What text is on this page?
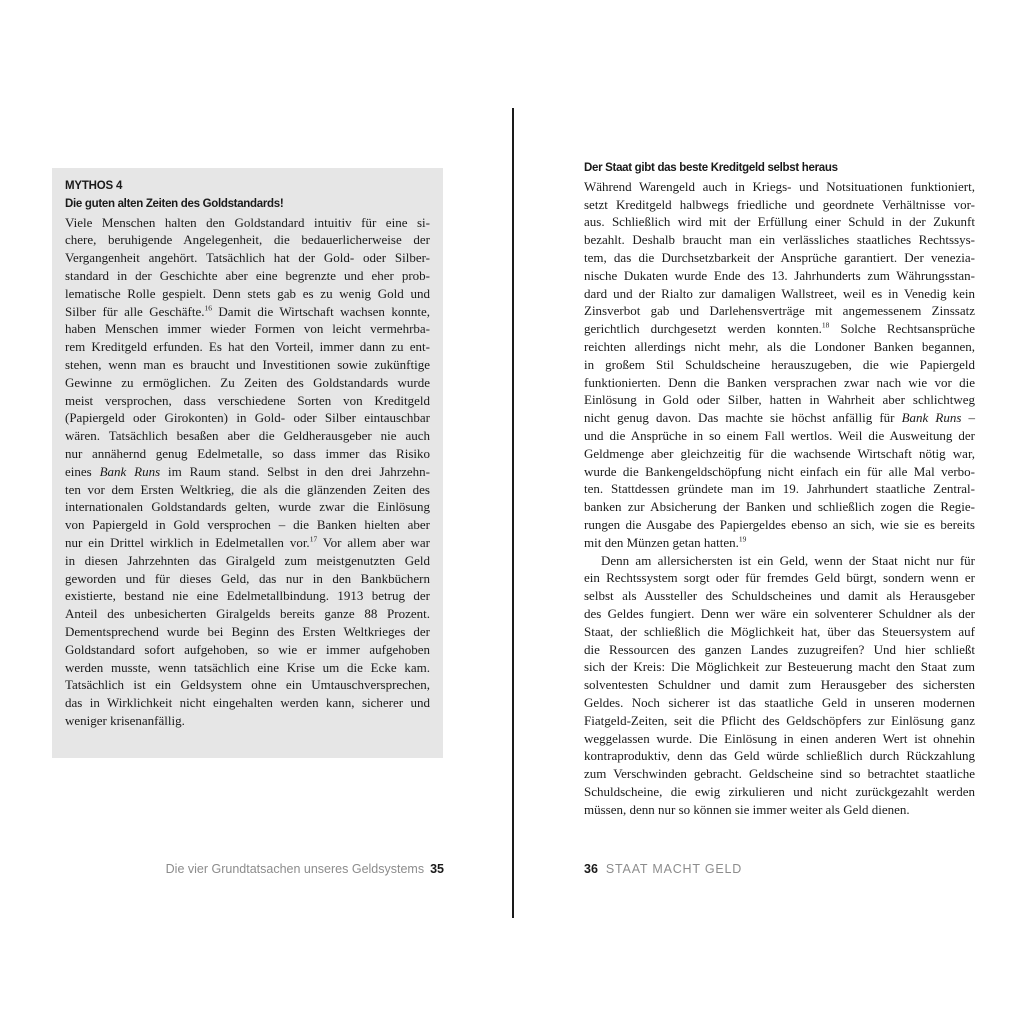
MYTHOS 4

Die guten alten Zeiten des Goldstandards!

Viele Menschen halten den Goldstandard intuitiv für eine si-
chere, beruhigende Angelegenheit, die bedauerlicherweise der
Vergangenheit angehört. Tatsächlich hat der Gold- oder Silber-
standard in der Geschichte aber eine begrenzte und eher prob-
lematische Rolle gespielt. Denn stets gab es zu wenig Gold und
Silber für alle Geschäfte.$^{16}$ Damit die Wirtschaft wachsen konnte,
haben Menschen immer wieder Formen von leicht vermehrba-
rem Kreditgeld erfunden. Es hat den Vorteil, immer dann zu ent-
stehen, wenn man es braucht und Investitionen sowie zukünftige
Gewinne zu ermöglichen. Zu Zeiten des Goldstandards wurde
meist versprochen, dass verschiedene Sorten von Kreditgeld
(Papiergeld oder Girokonten) in Gold- oder Silber eintauschbar
wären. Tatsächlich besaßen aber die Geldherausgeber nie auch
nur annähernd genug Edelmetalle, so dass immer das Risiko
eines Bank Runs im Raum stand. Selbst in den drei Jahrzehn-
ten vor dem Ersten Weltkrieg, die als die glänzenden Zeiten des
internationalen Goldstandards gelten, wurde zwar die Einlösung
von Papiergeld in Gold versprochen – die Banken hielten aber
nur ein Drittel wirklich in Edelmetallen vor.$^{17}$ Vor allem aber war
in diesen Jahrzehnten das Giralgeld zum meistgenutzten Geld
geworden und für dieses Geld, das nur in den Bankbüchern
existierte, bestand nie eine Edelmetallbindung. 1913 betrug der
Anteil des unbesicherten Giralgelds bereits ganze 88 Prozent.
Dementsprechend wurde bei Beginn des Ersten Weltkrieges der
Goldstandard sofort aufgehoben, so wie er immer aufgehoben
werden musste, wenn tatsächlich eine Krise um die Ecke kam.
Tatsächlich ist ein Geldsystem ohne ein Umtauschversprechen,
das in Wirklichkeit nicht eingehalten werden kann, sicherer und
weniger krisenanfällig.
Die vier Grundtatsachen unseres Geldsystems 35

Der Staat gibt das beste Kreditgeld selbst heraus

Während Warengeld auch in Kriegs- und Notsituationen funktioniert,
setzt Kreditgeld halbwegs friedliche und geordnete Verhältnisse vor-
aus. Schließlich wird mit der Erfüllung einer Schuld in der Zukunft
bezahlt. Deshalb braucht man ein verlässliches staatliches Rechtssys-
tem, das die Durchsetzbarkeit der Ansprüche garantiert. Der venezia-
nische Dukaten wurde Ende des 13. Jahrhunderts zum Währungsstan-
dard und der Rialto zur damaligen Wallstreet, weil es in Venedig kein
Zinsverbot gab und Darlehensverträge mit angemessenem Zinssatz
gerichtlich durchgesetzt werden konnten.$^{18}$ Solche Rechtsansprüche
reichten allerdings nicht mehr, als die Londoner Banken begannen,
in großem Stil Schuldscheine herauszugeben, die wie Papiergeld
funktionierten. Denn die Banken versprachen zwar nach wie vor die
Einlösung in Gold oder Silber, hatten in Wahrheit aber schlichtweg
nicht genug davon. Das machte sie höchst anfällig für Bank Runs –
und die Ansprüche in so einem Fall wertlos. Weil die Ausweitung der
Geldmenge aber gleichzeitig für die wachsende Wirtschaft nötig war,
wurde die Bankengeldschöpfung nicht einfach ein für alle Mal verbo-
ten. Stattdessen gründete man im 19. Jahrhundert staatliche Zentral-
banken zur Absicherung der Banken und schließlich zogen die Regie-
rungen die Ausgabe des Papiergeldes ebenso an sich, wie sie es bereits
mit den Münzen getan hatten.$^{19}$
Denn am allersichersten ist ein Geld, wenn der Staat nicht nur für
ein Rechtssystem sorgt oder für fremdes Geld bürgt, sondern wenn er
selbst als Aussteller des Schuldscheines und damit als Herausgeber
des Geldes fungiert. Denn wer wäre ein solventerer Schuldner als der
Staat, der schließlich die Möglichkeit hat, über das Steuersystem auf
die Ressourcen des ganzen Landes zuzugreifen? Und hier schließt
sich der Kreis: Die Möglichkeit zur Besteuerung macht den Staat zum
solventesten Schuldner und damit zum Herausgeber des sichersten
Geldes. Noch sicherer ist das staatliche Geld in unseren modernen
Fiatgeld-Zeiten, seit die Pflicht des Geldschöpfers zur Einlösung ganz
weggelassen wurde. Die Einlösung in einen anderen Wert ist ohnehin
kontraproduktiv, denn das Geld würde schließlich durch Rückzahlung
zum Verschwinden gebracht. Geldscheine sind so betrachtet staatliche
Schuldscheine, die ewig zirkulieren und nicht zurückgezahlt werden
müssen, denn nur so können sie immer weiter als Geld dienen.
36 STAAT MACHT GELD
